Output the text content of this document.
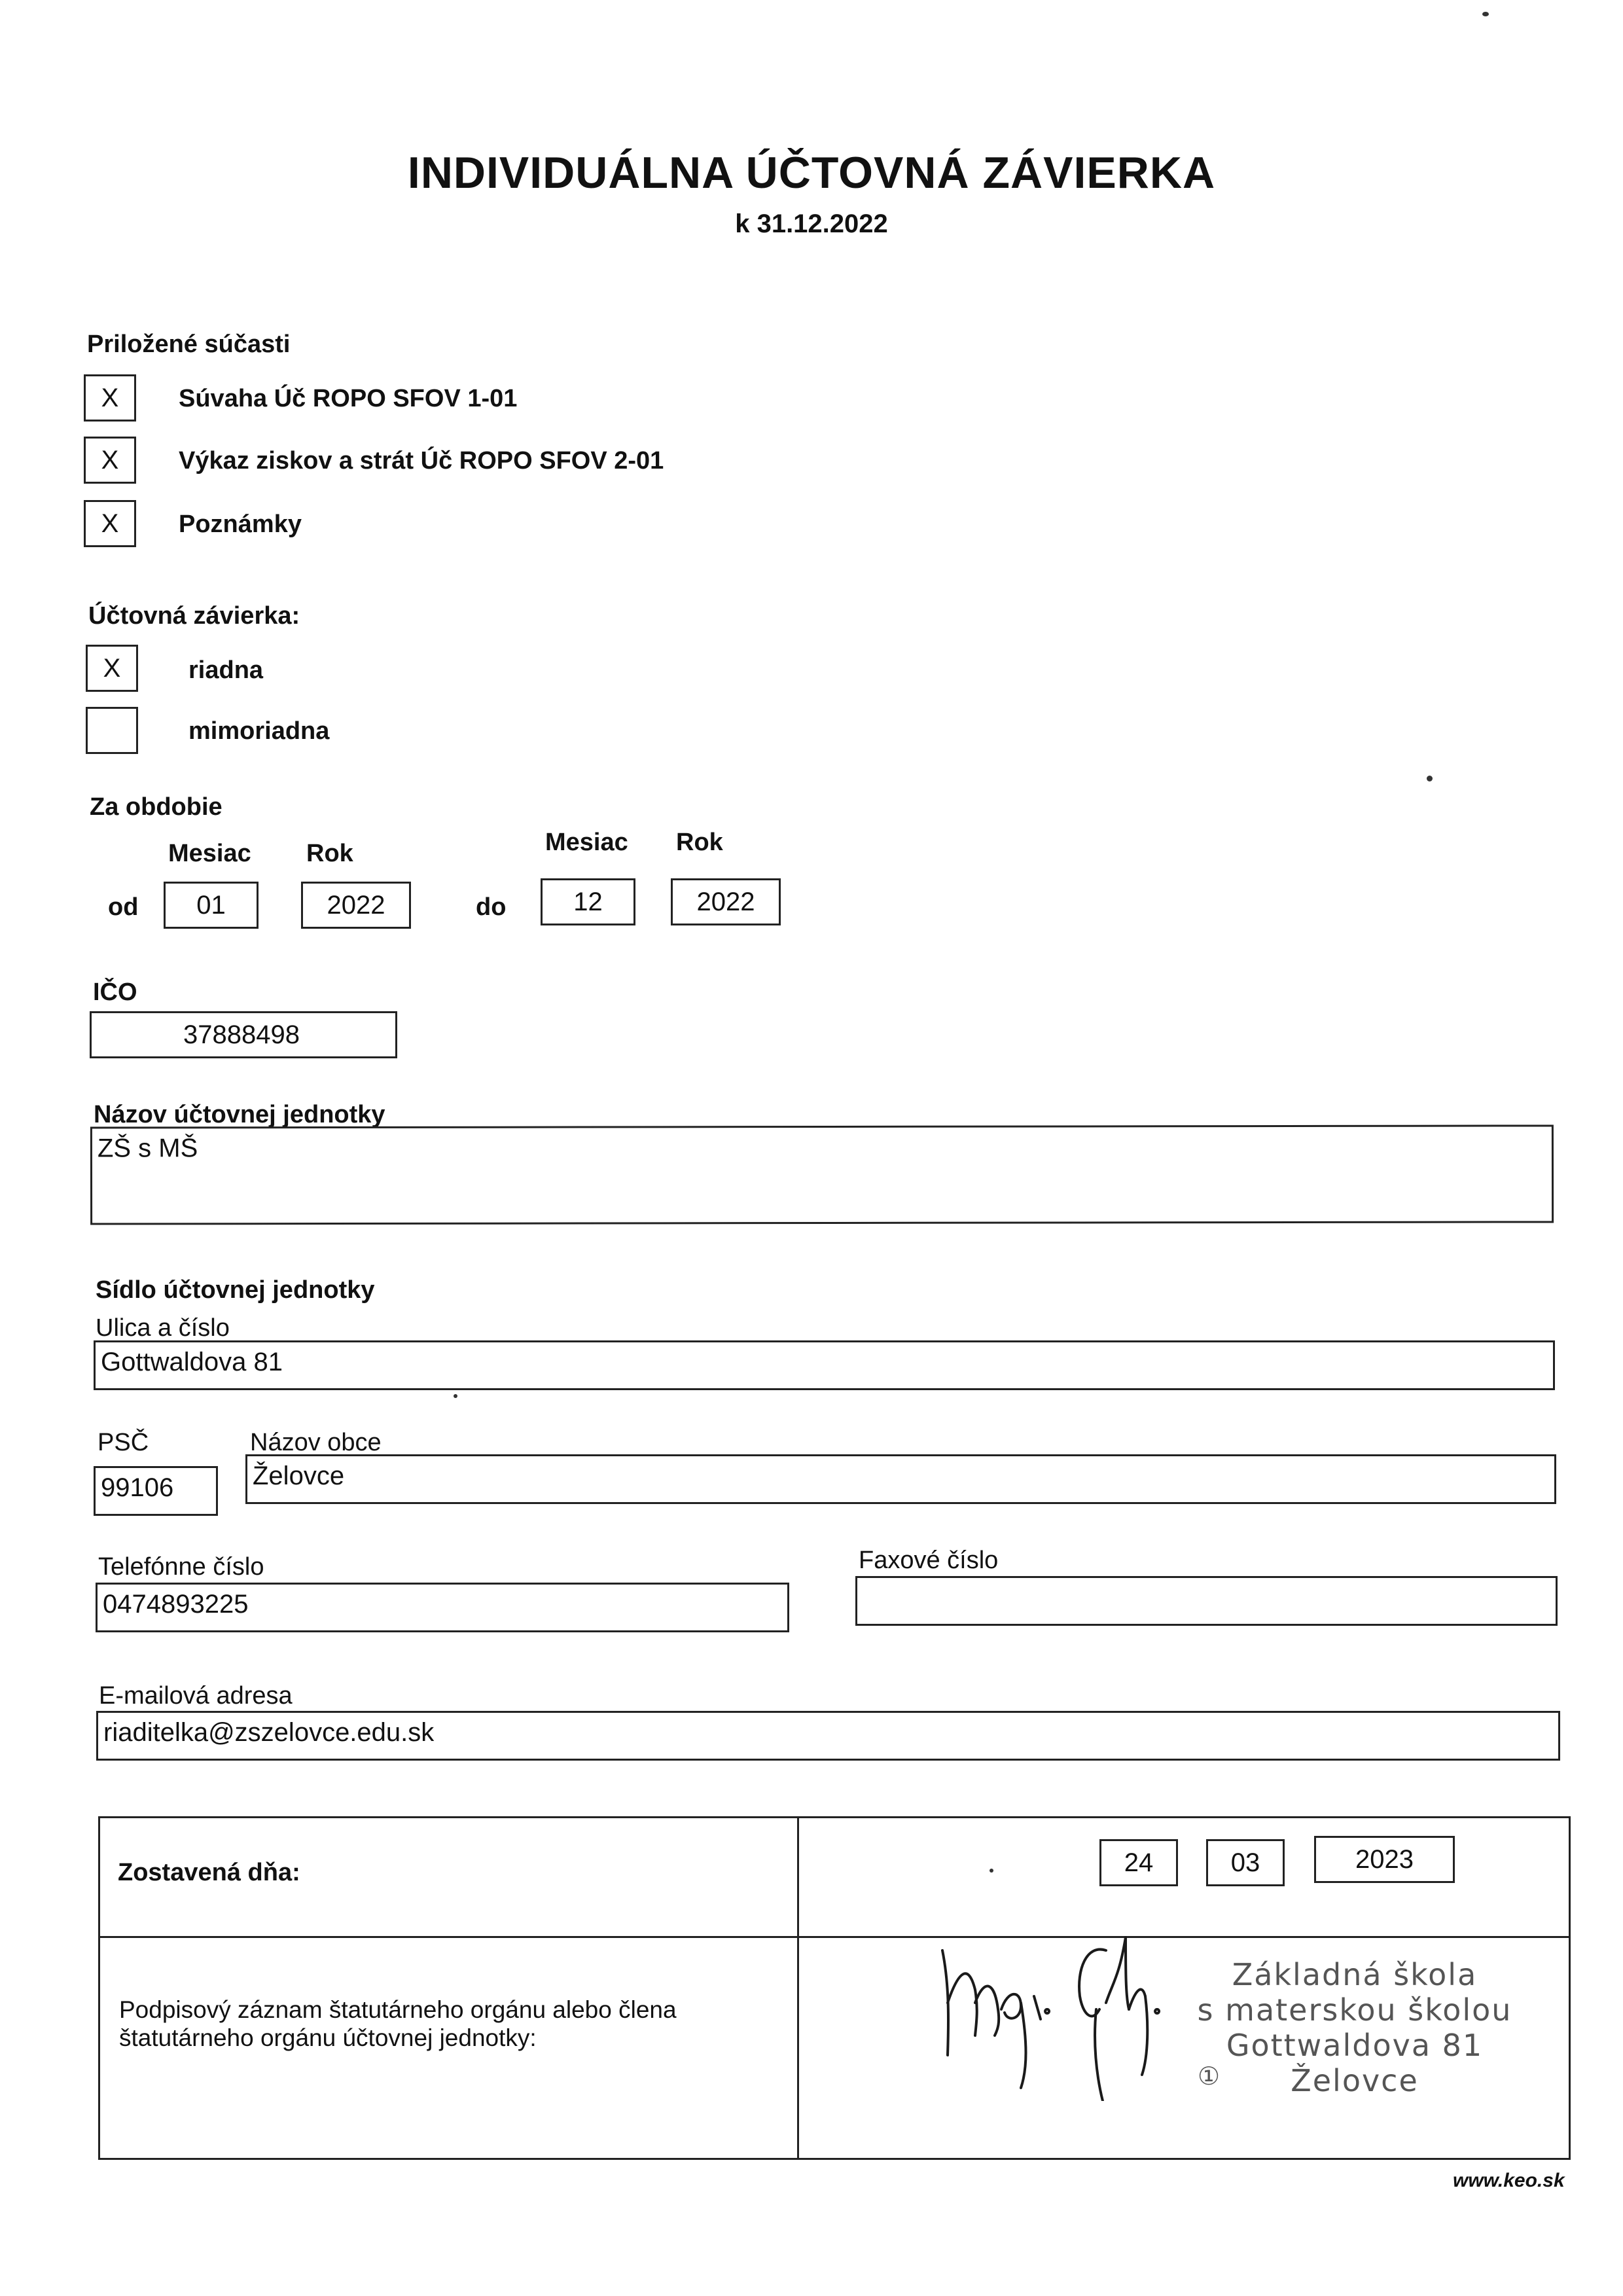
INDIVIDUÁLNA ÚČTOVNÁ ZÁVIERKA
k 31.12.2022
Priložené súčasti
X	Súvaha Úč ROPO SFOV 1-01
X	Výkaz ziskov a strát Úč ROPO SFOV 2-01
X	Poznámky
Účtovná závierka:
X	riadna
mimoriadna
Za obdobie
Mesiac Rok	Mesiac Rok
od	01	2022	do	12	2022
IČO
37888498
Názov účtovnej jednotky
ZŠ s MŠ
Sídlo účtovnej jednotky
Ulica a číslo
Gottwaldova 81
PSČ	Názov obce
99106	Želovce
Telefónne číslo	Faxové číslo
0474893225
E-mailová adresa
riaditelka@zszelovce.edu.sk
Zostavená dňa:	24	03	2023
Podpisový záznam štatutárneho orgánu alebo člena
štatutárneho orgánu účtovnej jednotky:
Základná škola
s materskou školou
Gottwaldova 81
Želovce
①
www.keo.sk
